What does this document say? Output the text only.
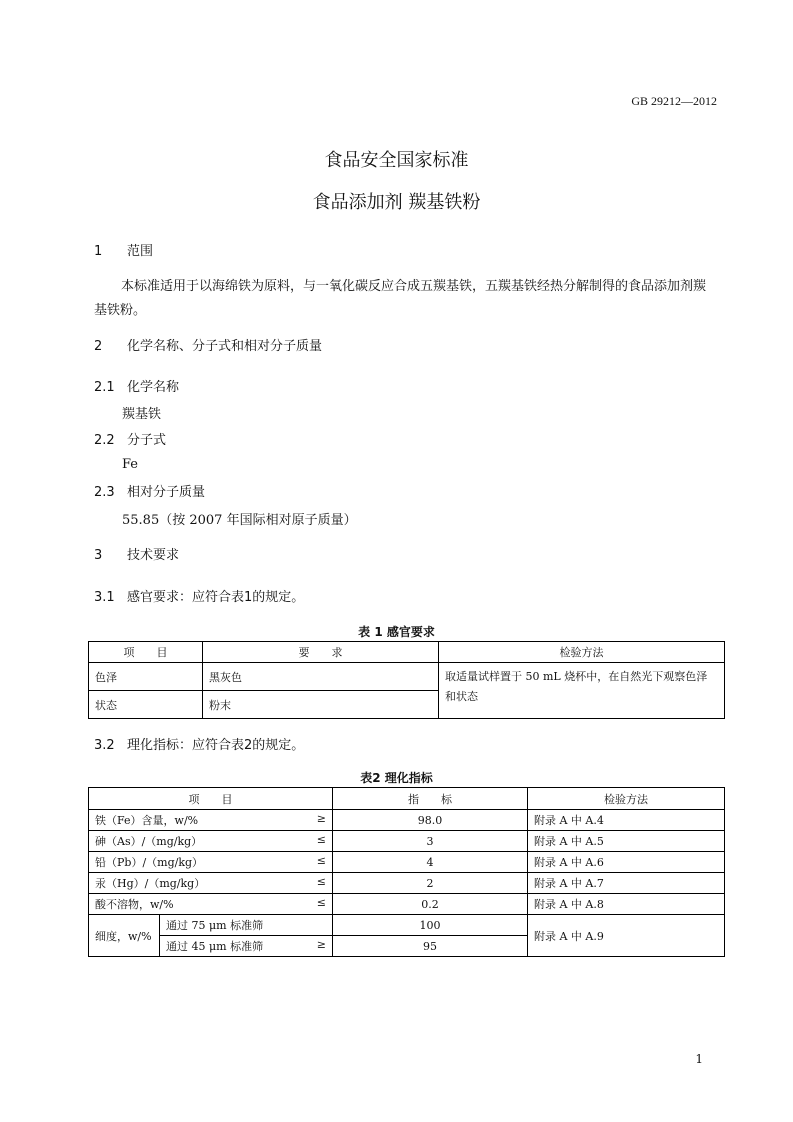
GB 29212—2012
食品安全国家标准
食品添加剂 羰基铁粉
1 范围
本标准适用于以海绵铁为原料，与一氧化碳反应合成五羰基铁，五羰基铁经热分解制得的食品添加剂羰基铁粉。
2 化学名称、分子式和相对分子质量
2.1 化学名称
羰基铁
2.2 分子式
Fe
2.3 相对分子质量
55.85（按 2007 年国际相对原子质量）
3 技术要求
3.1 感官要求：应符合表1的规定。
表 1 感官要求
项　　目	要　　求	检验方法
色泽	黑灰色	取适量试样置于 50 mL 烧杯中，在自然光下观察色泽和状态
状态	粉末	
3.2 理化指标：应符合表2的规定。
表2 理化指标
项　　目		指　　标	检验方法

铁（Fe）含量，w/% ≥		98.0	附录 A 中 A.4

砷（As）/（mg/kg） ≤		3	附录 A 中 A.5

铅（Pb）/（mg/kg） ≤		4	附录 A 中 A.6

汞（Hg）/（mg/kg） ≤		2	附录 A 中 A.7

酸不溶物，w/% ≤		0.2	附录 A 中 A.8
细度，w/%	通过 75 μm 标准筛	100	附录 A 中 A.9

	通过 45 μm 标准筛 ≥	95	
1
